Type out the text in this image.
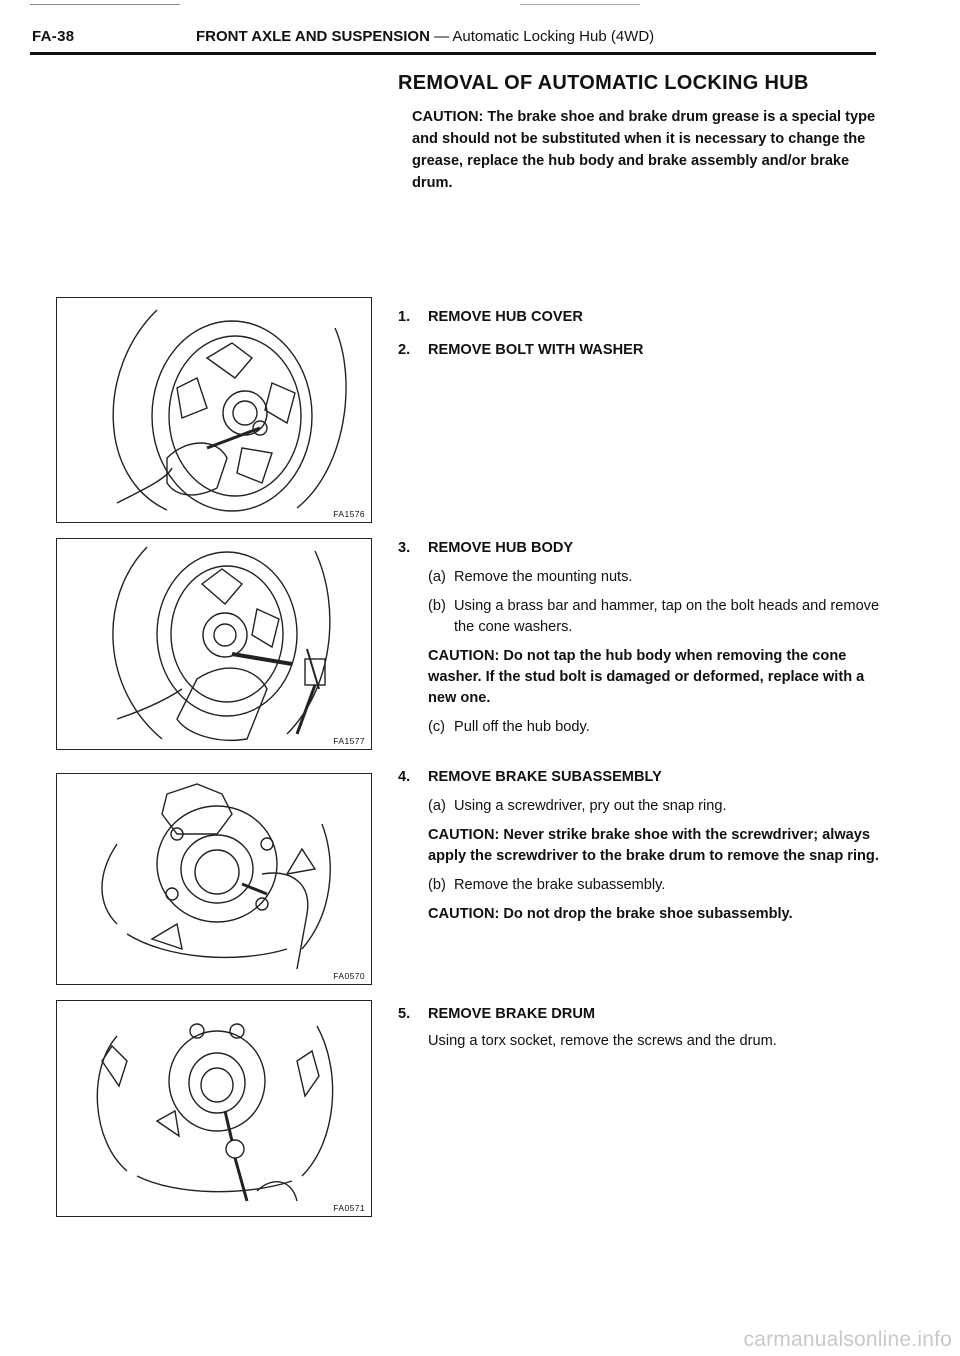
FA-38	FRONT AXLE AND SUSPENSION — Automatic Locking Hub (4WD)
REMOVAL OF AUTOMATIC LOCKING HUB
CAUTION: The brake shoe and brake drum grease is a special type and should not be substituted when it is necessary to change the grease, replace the hub body and brake assembly and/or brake drum.
FA1576
FA1577
FA0570
FA0571
1.	REMOVE HUB COVER
2.	REMOVE BOLT WITH WASHER
3.	REMOVE HUB BODY
(a) Remove the mounting nuts.
(b) Using a brass bar and hammer, tap on the bolt heads and remove the cone washers.
CAUTION: Do not tap the hub body when removing the cone washer. If the stud bolt is damaged or deformed, replace with a new one.
(c) Pull off the hub body.
4.	REMOVE BRAKE SUBASSEMBLY
(a) Using a screwdriver, pry out the snap ring.
CAUTION: Never strike brake shoe with the screwdriver; always apply the screwdriver to the brake drum to remove the snap ring.
(b) Remove the brake subassembly.
CAUTION: Do not drop the brake shoe subassembly.
5.	REMOVE BRAKE DRUM
Using a torx socket, remove the screws and the drum.
carmanualsonline.info
